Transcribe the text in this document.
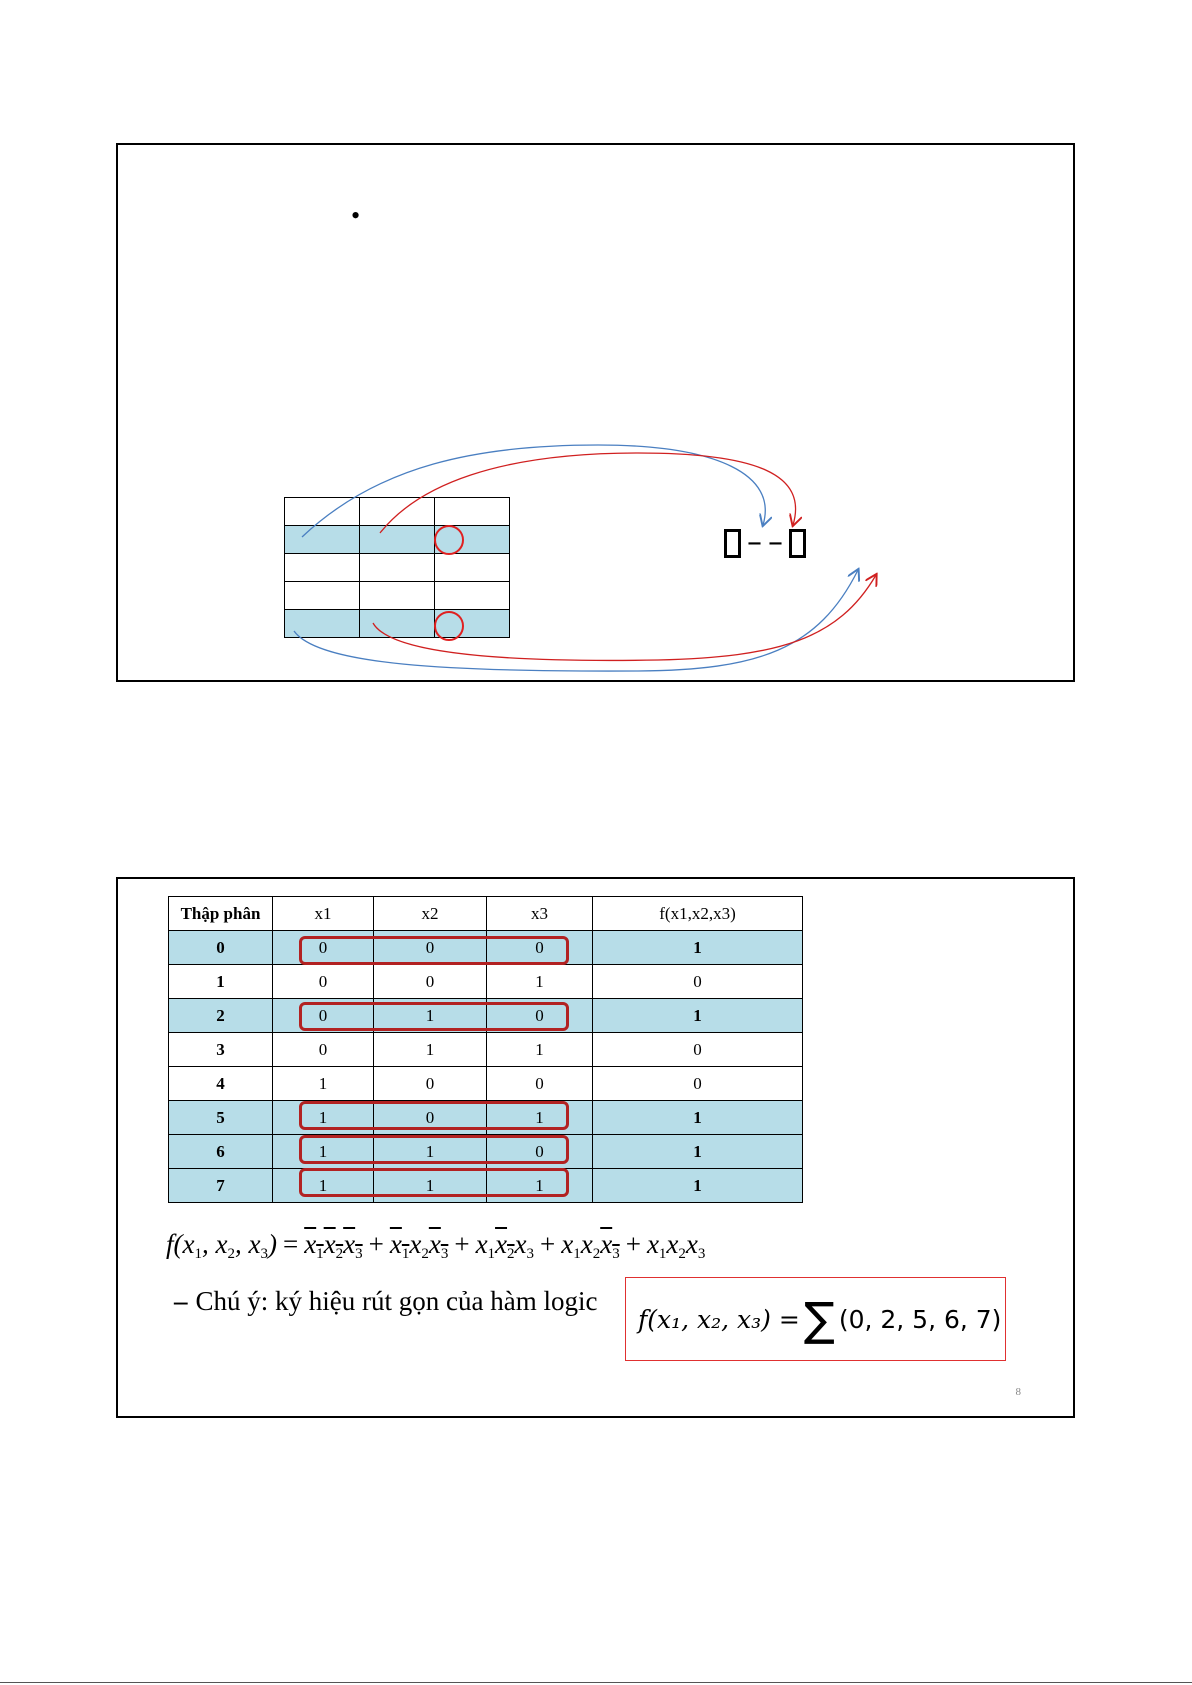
•

– –
Thập phân	x1	x2	x3	f(x1,x2,x3)
0	0	0	0	1
1	0	0	1	0
2	0	1	0	1
3	0	1	1	0
4	1	0	0	0
5	1	0	1	1
6	1	1	0	1
7	1	1	1	1
$f(x_1$, $x_2$, $x_3) = x_1x_2x_3 + x_1x_2x_3 + x_1x_2x_3 + x_1x_2x_3 + x_1x_2x_3$
– Chú ý: ký hiệu rút gọn của hàm logic
f(x₁, x₂, x₃) = ∑ (0, 2, 5, 6, 7)
8
